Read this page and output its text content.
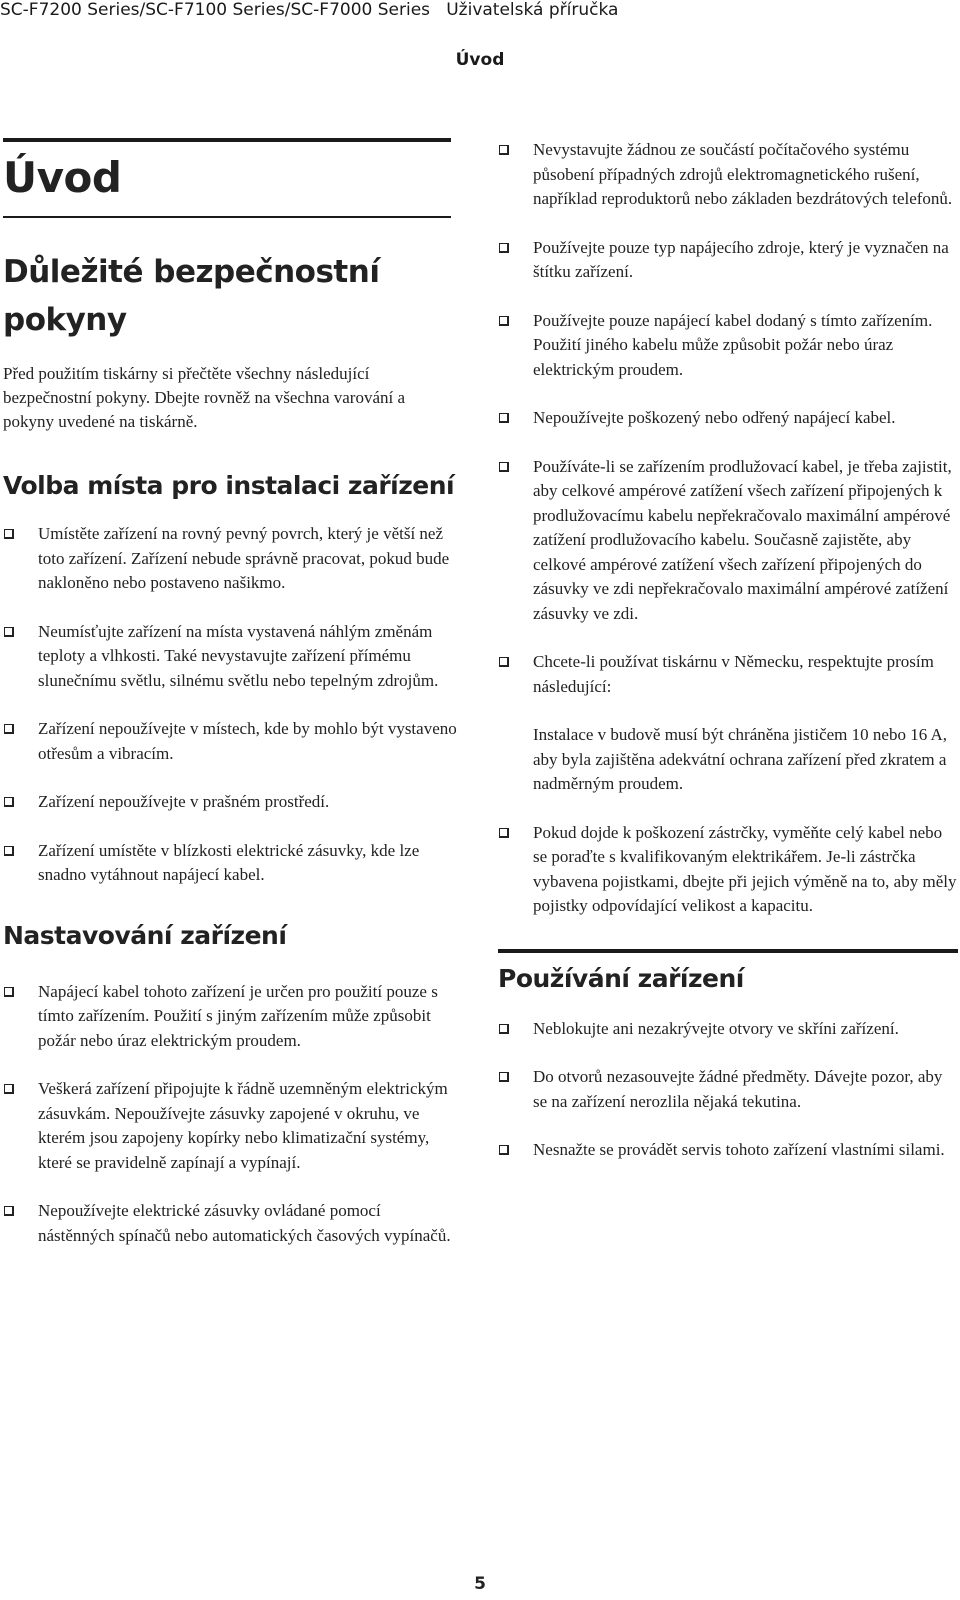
SC-F7200 Series/SC-F7100 Series/SC-F7000 Series Uživatelská příručka
Úvod
Úvod
Důležité bezpečnostní pokyny

Před použitím tiskárny si přečtěte všechny následující bezpečnostní pokyny. Dbejte rovněž na všechna varování a pokyny uvedené na tiskárně.

Volba místa pro instalaci zařízení
Umístěte zařízení na rovný pevný povrch, který je větší než toto zařízení. Zařízení nebude správně pracovat, pokud bude nakloněno nebo postaveno našikmo.
Neumísťujte zařízení na místa vystavená náhlým změnám teploty a vlhkosti. Také nevystavujte zařízení přímému slunečnímu světlu, silnému světlu nebo tepelným zdrojům.
Zařízení nepoužívejte v místech, kde by mohlo být vystaveno otřesům a vibracím.
Zařízení nepoužívejte v prašném prostředí.
Zařízení umístěte v blízkosti elektrické zásuvky, kde lze snadno vytáhnout napájecí kabel.
Nastavování zařízení
Napájecí kabel tohoto zařízení je určen pro použití pouze s tímto zařízením. Použití s jiným zařízením může způsobit požár nebo úraz elektrickým proudem.
Veškerá zařízení připojujte k řádně uzemněným elektrickým zásuvkám. Nepoužívejte zásuvky zapojené v okruhu, ve kterém jsou zapojeny kopírky nebo klimatizační systémy, které se pravidelně zapínají a vypínají.
Nepoužívejte elektrické zásuvky ovládané pomocí nástěnných spínačů nebo automatických časových vypínačů.
Nevystavujte žádnou ze součástí počítačového systému působení případných zdrojů elektromagnetického rušení, například reproduktorů nebo základen bezdrátových telefonů.
Používejte pouze typ napájecího zdroje, který je vyznačen na štítku zařízení.
Používejte pouze napájecí kabel dodaný s tímto zařízením. Použití jiného kabelu může způsobit požár nebo úraz elektrickým proudem.
Nepoužívejte poškozený nebo odřený napájecí kabel.
Používáte-li se zařízením prodlužovací kabel, je třeba zajistit, aby celkové ampérové zatížení všech zařízení připojených k prodlužovacímu kabelu nepřekračovalo maximální ampérové zatížení prodlužovacího kabelu. Současně zajistěte, aby celkové ampérové zatížení všech zařízení připojených do zásuvky ve zdi nepřekračovalo maximální ampérové zatížení zásuvky ve zdi.
Chcete-li používat tiskárnu v Německu, respektujte prosím následující:

Instalace v budově musí být chráněna jističem 10 nebo 16 A, aby byla zajištěna adekvátní ochrana zařízení před zkratem a nadměrným proudem.

Pokud dojde k poškození zástrčky, vyměňte celý kabel nebo se poraďte s kvalifikovaným elektrikářem. Je-li zástrčka vybavena pojistkami, dbejte při jejich výměně na to, aby měly pojistky odpovídající velikost a kapacitu.
Používání zařízení
Neblokujte ani nezakrývejte otvory ve skříni zařízení.
Do otvorů nezasouvejte žádné předměty. Dávejte pozor, aby se na zařízení nerozlila nějaká tekutina.
Nesnažte se provádět servis tohoto zařízení vlastními silami.
5
